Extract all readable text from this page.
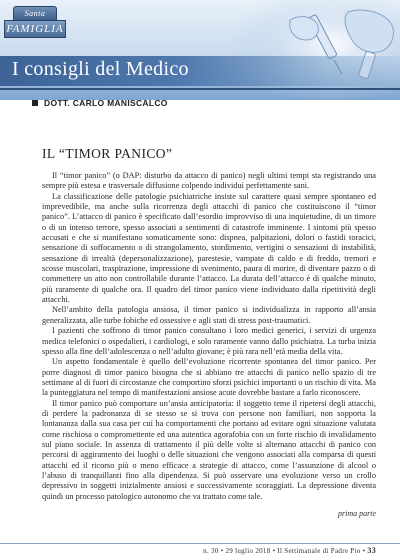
Santa
FAMIGLIA
I consigli del Medico
DOTT. CARLO MANISCALCO
IL “TIMOR PANICO”

Il “timor panico” (o DAP: disturbo da attacco di panico) negli ultimi tempi sta registrando una sempre più estesa e trasversale diffusione colpendo individui perfettamente sani.

La classificazione delle patologie psichiatriche insiste sul carattere quasi sempre spontaneo ed imprevedibile, ma anche sulla ricorrenza degli attacchi di panico che costituiscono il “timor panico”. L’attacco di panico è specificato dall’esordio improvviso di una inquietudine, di un timore o di un intenso terrore, spesso associati a sentimenti di catastrofe imminente. I sintomi più spesso accusati e che si manifestano somaticamente sono: dispnea, palpitazioni, dolori o fastidi toracici, sensazione di soffocamento o di strangolamento, stordimento, vertigini o sensazioni di instabilità, sensazione di irrealtà (depersonalizzazione), parestesie, vampate di caldo e di freddo, tremori e scosse muscolari, traspirazione, impressione di svenimento, paura di morire, di diventare pazzo o di commettere un atto non controllabile durante l’attacco. La durata dell’attacco è di qualche minuto, più raramente di qualche ora. Il quadro del timor panico viene individuato dalla ripetitività degli attacchi.

Nell’ambito della patologia ansiosa, il timor panico si individualizza in rapporto all’ansia generalizzata, alle turbe fobiche ed ossessive e agli stati di stress post-traumatici.

I pazienti che soffrono di timor panico consultano i loro medici generici, i servizi di urgenza medica telefonici o ospedalieri, i cardiologi, e solo raramente vanno dallo psichiatra. La turba inizia spesso alla fine dell’adolescenza o nell’adulto giovane; è più rara nell’età media della vita.

Un aspetto fondamentale è quello dell’evoluzione ricorrente spontanea del timor panico. Per porre diagnosi di timor panico bisogna che si abbiano tre attacchi di panico nello spazio di tre settimane al di fuori di circostanze che comportino sforzi psichici importanti o un rischio di vita. Ma la punteggiatura nel tempo di manifestazioni ansiose acute dovrebbe bastare a farlo riconoscere.

Il timor panico può comportare un’ansia anticipatoria: il soggetto teme il ripetersi degli attacchi, di perdere la padronanza di se stesso se si trova con persone non familiari, non sopporta la lontananza dalla sua casa per cui ha comportamenti che portano ad evitare ogni situazione valutata come rischiosa o compromettente ed una autentica agorafobia con un forte rischio di invalidamento sul piano sociale. In assenza di trattamento il più delle volte si alternano attacchi di panico con percorsi di aggiramento dei luoghi o delle situazioni che vengono associati alla comparsa di questi attacchi ed il ricorso più o meno efficace a strategie di attacco, come l’assunzione di alcool o l’abuso di tranquillanti fino alla dipendenza. Si può osservare una evoluzione verso un crollo depressivo in soggetti inizialmente ansiosi e successivamente scoraggiati. La depressione diventa quindi un processo patologico autonomo che va trattato come tale.

prima parte
n. 30 • 29 luglio 2018 • Il Settimanale di Padre Pio • 33
